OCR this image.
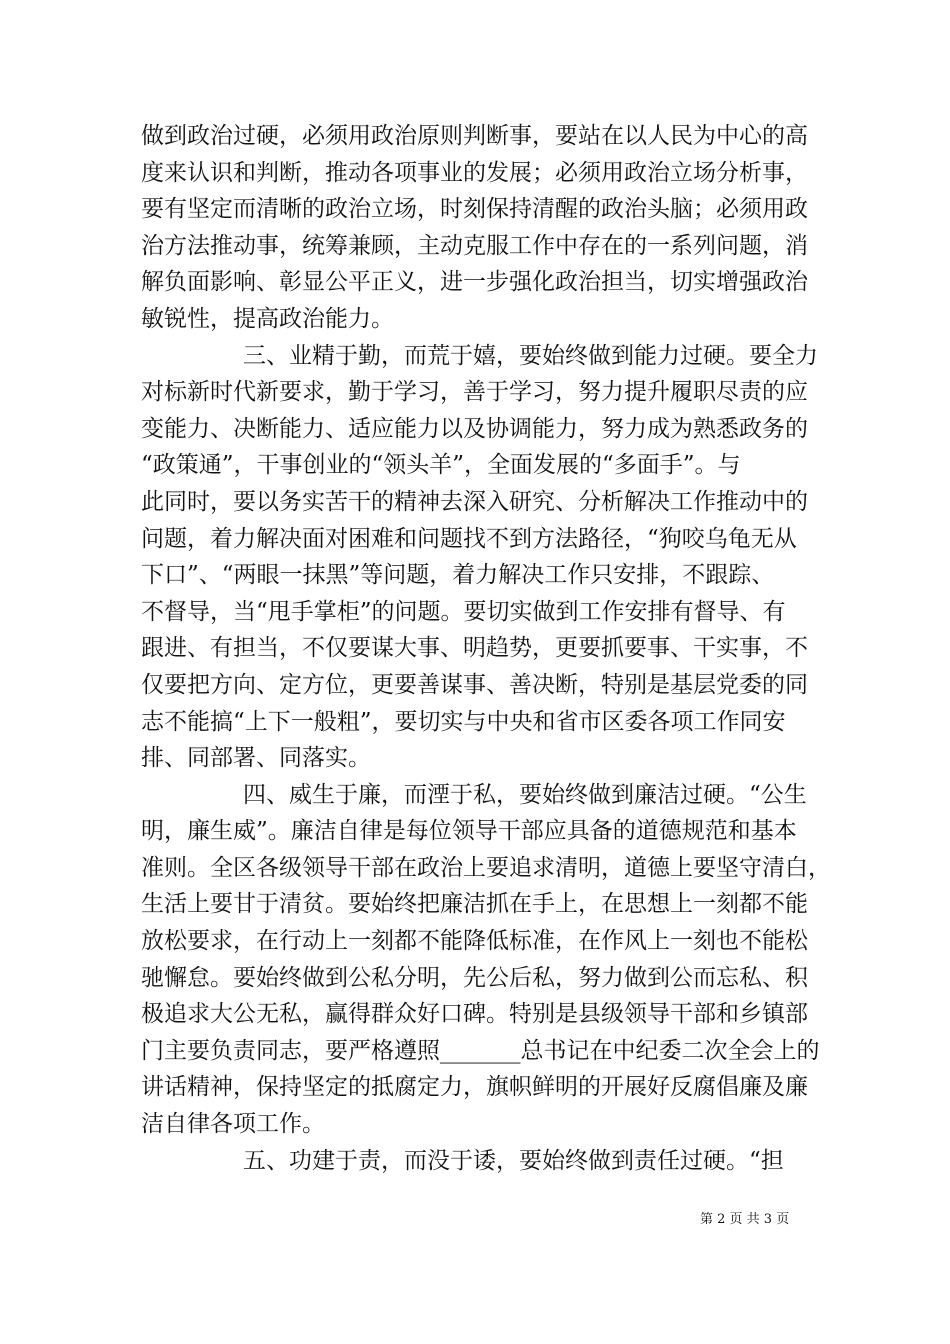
做到政治过硬，必须用政治原则判断事，要站在以人民为中心的高
度来认识和判断，推动各项事业的发展；必须用政治立场分析事，
要有坚定而清晰的政治立场，时刻保持清醒的政治头脑；必须用政
治方法推动事，统筹兼顾，主动克服工作中存在的一系列问题，消
解负面影响、彰显公平正义，进一步强化政治担当，切实增强政治
敏锐性，提高政治能力。
三、业精于勤，而荒于嬉，要始终做到能力过硬。要全力
对标新时代新要求，勤于学习，善于学习，努力提升履职尽责的应
变能力、决断能力、适应能力以及协调能力，努力成为熟悉政务的
“政策通”，干事创业的“领头羊”，全面发展的“多面手”。与
此同时，要以务实苦干的精神去深入研究、分析解决工作推动中的
问题，着力解决面对困难和问题找不到方法路径，“狗咬乌龟无从
下口”、“两眼一抹黑”等问题，着力解决工作只安排，不跟踪、
不督导，当“甩手掌柜”的问题。要切实做到工作安排有督导、有
跟进、有担当，不仅要谋大事、明趋势，更要抓要事、干实事，不
仅要把方向、定方位，更要善谋事、善决断，特别是基层党委的同
志不能搞“上下一般粗”，要切实与中央和省市区委各项工作同安
排、同部署、同落实。
四、威生于廉，而湮于私，要始终做到廉洁过硬。“公生
明，廉生威”。廉洁自律是每位领导干部应具备的道德规范和基本
准则。全区各级领导干部在政治上要追求清明，道德上要坚守清白，
生活上要甘于清贫。要始终把廉洁抓在手上，在思想上一刻都不能
放松要求，在行动上一刻都不能降低标准，在作风上一刻也不能松
驰懈怠。要始终做到公私分明，先公后私，努力做到公而忘私、积
极追求大公无私，赢得群众好口碑。特别是县级领导干部和乡镇部
门主要负责同志，要严格遵照_______总书记在中纪委二次全会上的
讲话精神，保持坚定的抵腐定力，旗帜鲜明的开展好反腐倡廉及廉
洁自律各项工作。
五、功建于责，而没于诿，要始终做到责任过硬。“担
第 2 页 共 3 页
